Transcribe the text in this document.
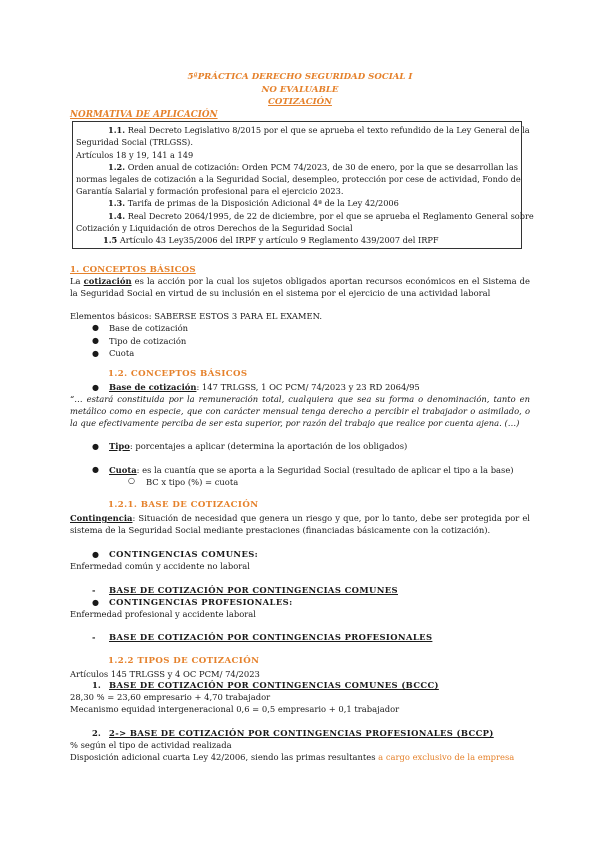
5ªPRÁCTICA DERECHO SEGURIDAD SOCIAL I
NO EVALUABLE
COTIZACIÓN
NORMATIVA DE APLICACIÓN
1.1. Real Decreto Legislativo 8/2015 por el que se aprueba el texto refundido de la Ley General de la
Seguridad Social (TRLGSS).
Artículos 18 y 19, 141 a 149
1.2. Orden anual de cotización: Orden PCM 74/2023, de 30 de enero, por la que se desarrollan las
normas legales de cotización a la Seguridad Social, desempleo, protección por cese de actividad, Fondo de
Garantía Salarial y formación profesional para el ejercicio 2023.
1.3. Tarifa de primas de la Disposición Adicional 4ª de la Ley 42/2006
1.4. Real Decreto 2064/1995, de 22 de diciembre, por el que se aprueba el Reglamento General sobre
Cotización y Liquidación de otros Derechos de la Seguridad Social
1.5 Artículo 43 Ley35/2006 del IRPF y artículo 9 Reglamento 439/2007 del IRPF
1. CONCEPTOS BÁSICOS
La cotización es la acción por la cual los sujetos obligados aportan recursos económicos en el Sistema de la Seguridad Social en virtud de su inclusión en el sistema por el ejercicio de una actividad laboral
Elementos básicos: SABERSE ESTOS 3 PARA EL EXAMEN.
● Base de cotización
● Tipo de cotización
● Cuota
1.2. CONCEPTOS BÁSICOS
● Base de cotización: 147 TRLGSS, 1 OC PCM/ 74/2023 y 23 RD 2064/95
“… estará constituida por la remuneración total, cualquiera que sea su forma o denominación, tanto en metálico como en especie, que con carácter mensual tenga derecho a percibir el trabajador o asimilado, o la que efectivamente perciba de ser esta superior, por razón del trabajo que realice por cuenta ajena. (…)
● Tipo: porcentajes a aplicar (determina la aportación de los obligados)
● Cuota: es la cuantía que se aporta a la Seguridad Social (resultado de aplicar el tipo a la base)
○ BC x tipo (%) = cuota
1.2.1. BASE DE COTIZACIÓN
Contingencia: Situación de necesidad que genera un riesgo y que, por lo tanto, debe ser protegida por el sistema de la Seguridad Social mediante prestaciones (financiadas básicamente con la cotización).
● CONTINGENCIAS COMUNES:
Enfermedad común y accidente no laboral
- BASE DE COTIZACIÓN POR CONTINGENCIAS COMUNES
● CONTINGENCIAS PROFESIONALES:
Enfermedad profesional y accidente laboral
- BASE DE COTIZACIÓN POR CONTINGENCIAS PROFESIONALES
1.2.2 TIPOS DE COTIZACIÓN
Artículos 145 TRLGSS y 4 OC PCM/ 74/2023
1. BASE DE COTIZACIÓN POR CONTINGENCIAS COMUNES (BCCC)
28,30 % = 23,60 empresario + 4,70 trabajador
Mecanismo equidad intergeneracional 0,6 = 0,5 empresario + 0,1 trabajador
2. 2-> BASE DE COTIZACIÓN POR CONTINGENCIAS PROFESIONALES (BCCP)
% según el tipo de actividad realizada
Disposición adicional cuarta Ley 42/2006, siendo las primas resultantes a cargo exclusivo de la empresa
